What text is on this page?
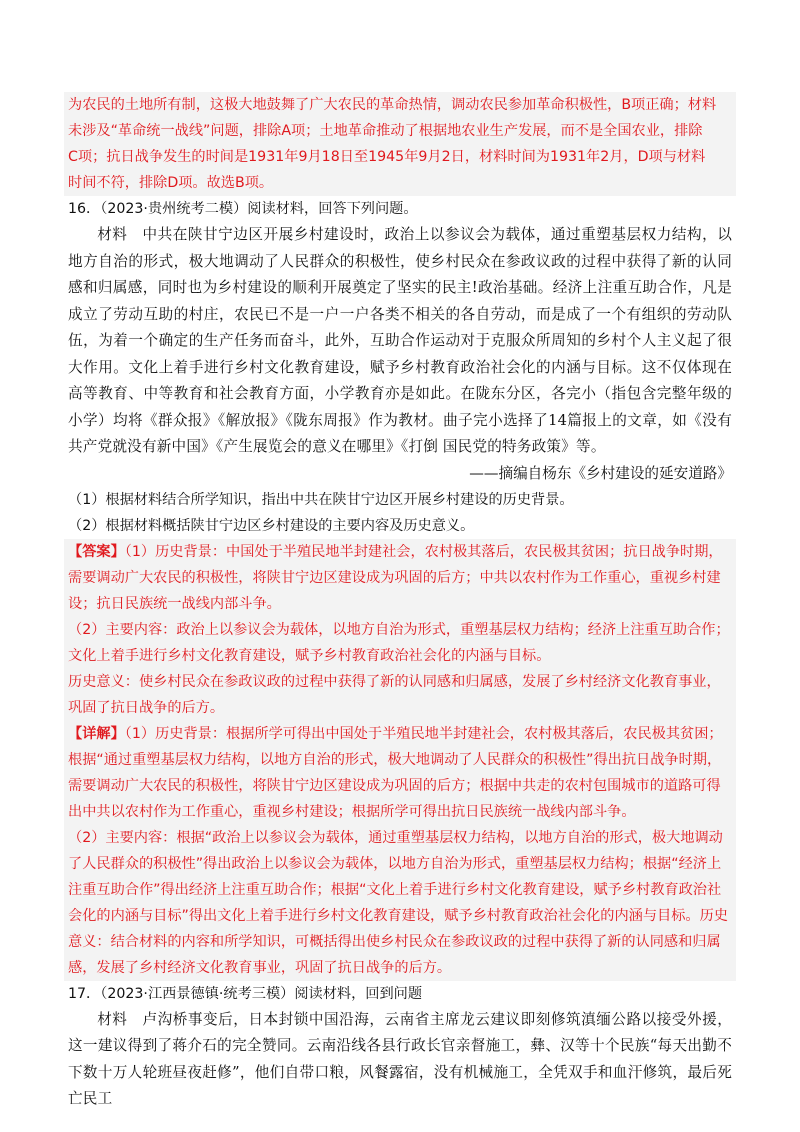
为农民的土地所有制，这极大地鼓舞了广大农民的革命热情，调动农民参加革命积极性，B项正确；材料

未涉及“革命统一战线”问题，排除A项；土地革命推动了根据地农业生产发展，而不是全国农业，排除

C项；抗日战争发生的时间是1931年9月18日至1945年9月2日，材料时间为1931年2月，D项与材料

时间不符，排除D项。故选B项。

16．（2023·贵州统考二模）阅读材料，回答下列问题。

材料　中共在陕甘宁边区开展乡村建设时，政治上以参议会为载体，通过重塑基层权力结构，以地方自治的形式，极大地调动了人民群众的积极性，使乡村民众在参政议政的过程中获得了新的认同感和归属感，同时也为乡村建设的顺利开展奠定了坚实的民主!政治基础。经济上注重互助合作，凡是成立了劳动互助的村庄，农民已不是一户一户各类不相关的各自劳动，而是成了一个有组织的劳动队伍，为着一个确定的生产任务而奋斗，此外，互助合作运动对于克服众所周知的乡村个人主义起了很大作用。文化上着手进行乡村文化教育建设，赋予乡村教育政治社会化的内涵与目标。这不仅体现在高等教育、中等教育和社会教育方面，小学教育亦是如此。在陇东分区，各完小（指包含完整年级的小学）均将《群众报》《解放报》《陇东周报》作为教材。曲子完小选择了14篇报上的文章，如《没有共产党就没有新中国》《产生展览会的意义在哪里》《打倒 国民党的特务政策》等。

——摘编自杨东《乡村建设的延安道路》

（1）根据材料结合所学知识，指出中共在陕甘宁边区开展乡村建设的历史背景。

（2）根据材料概括陕甘宁边区乡村建设的主要内容及历史意义。

【答案】（1）历史背景：中国处于半殖民地半封建社会，农村极其落后，农民极其贫困；抗日战争时期，需要调动广大农民的积极性，将陕甘宁边区建设成为巩固的后方；中共以农村作为工作重心，重视乡村建设；抗日民族统一战线内部斗争。

（2）主要内容：政治上以参议会为载体，以地方自治为形式，重塑基层权力结构；经济上注重互助合作；文化上着手进行乡村文化教育建设，赋予乡村教育政治社会化的内涵与目标。

历史意义：使乡村民众在参政议政的过程中获得了新的认同感和归属感，发展了乡村经济文化教育事业，巩固了抗日战争的后方。

【详解】（1）历史背景：根据所学可得出中国处于半殖民地半封建社会，农村极其落后，农民极其贫困；根据“通过重塑基层权力结构，以地方自治的形式，极大地调动了人民群众的积极性”得出抗日战争时期，需要调动广大农民的积极性，将陕甘宁边区建设成为巩固的后方；根据中共走的农村包围城市的道路可得出中共以农村作为工作重心，重视乡村建设；根据所学可得出抗日民族统一战线内部斗争。

（2）主要内容：根据“政治上以参议会为载体，通过重塑基层权力结构，以地方自治的形式，极大地调动了人民群众的积极性”得出政治上以参议会为载体，以地方自治为形式，重塑基层权力结构；根据“经济上注重互助合作”得出经济上注重互助合作；根据“文化上着手进行乡村文化教育建设，赋予乡村教育政治社会化的内涵与目标”得出文化上着手进行乡村文化教育建设，赋予乡村教育政治社会化的内涵与目标。历史意义：结合材料的内容和所学知识，可概括得出使乡村民众在参政议政的过程中获得了新的认同感和归属感，发展了乡村经济文化教育事业，巩固了抗日战争的后方。

17．（2023·江西景德镇·统考三模）阅读材料，回到问题

材料　卢沟桥事变后，日本封锁中国沿海，云南省主席龙云建议即刻修筑滇缅公路以接受外援，这一建议得到了蒋介石的完全赞同。云南沿线各县行政长官亲督施工，彝、汉等十个民族“每天出勤不下数十万人轮班昼夜赶修”，他们自带口粮，风餐露宿，没有机械施工，全凭双手和血汗修筑，最后死亡民工
